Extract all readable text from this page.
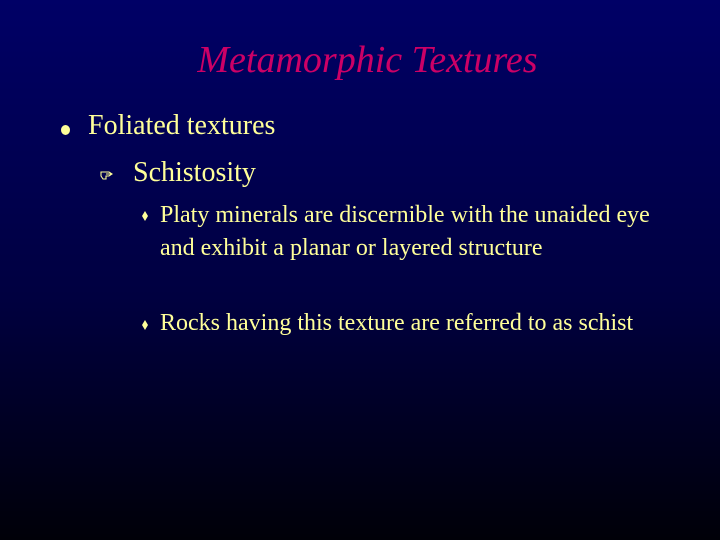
Metamorphic Textures
Foliated textures
Schistosity
Platy minerals are discernible with the unaided eye and exhibit a planar or layered structure
Rocks having this texture are referred to as schist
